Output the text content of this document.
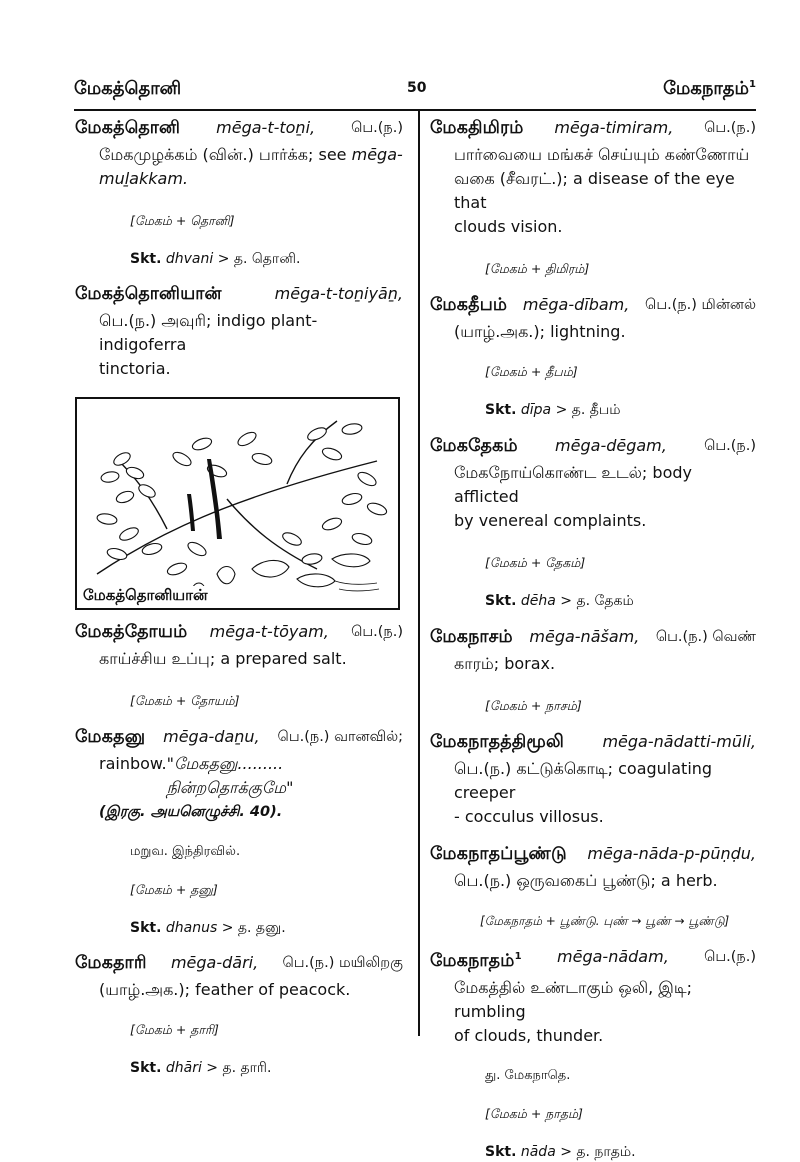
மேகத்தொனி	50	மேகநாதம்$^1$

மேகத்தொனி mēga-t-toṉi, பெ.(ந.)

மேகமுழக்கம் (வின்.) பார்க்க; see mēga-

muḻakkam.

[மேகம் + தொனி]

Skt. dhvani > த. தொனி.

மேகத்தொனியான்	mēga-t-toṉiyāṉ,

பெ.(ந.) அவுரி; indigo plant-indigoferra

tinctoria.

மேகத்தொனியான்

மேகத்தோயம் mēga-t-tōyam, பெ.(ந.)

காய்ச்சிய உப்பு; a prepared salt.

[மேகம் + தோயம்]

மேகதனு mēga-daṉu, பெ.(ந.) வானவில்;

rainbow. "மேகதனு......... நின்றதொக்குமே"

(இரகு. அயனெழுச்சி. 40).

மறுவ. இந்திரவில்.

[மேகம் + தனு]

Skt. dhanus > த. தனு.

மேகதாரி mēga-dāri, பெ.(ந.) மயிலிறகு

(யாழ்.அக.); feather of peacock.

[மேகம் + தாரி]

Skt. dhāri > த. தாரி.

மேகதிமிரம் mēga-timiram, பெ.(ந.)

பார்வையை மங்கச் செய்யும் கண்ணோய்

வகை (சீவரட்.); a disease of the eye that

clouds vision.

[மேகம் + திமிரம்]

மேகதீபம் mēga-dībam, பெ.(ந.) மின்னல்

(யாழ்.அக.); lightning.

[மேகம் + தீபம்]

Skt. dīpa > த. தீபம்

மேகதேகம் mēga-dēgam,	பெ.(ந.)

மேகநோய்கொண்ட உடல்; body afflicted

by venereal complaints.

[மேகம் + தேகம்]

Skt. dēha > த. தேகம்

மேகநாசம் mēga-nāšam, பெ.(ந.) வெண்

காரம்; borax.

[மேகம் + நாசம்]

மேகநாதத்திமூலி mēga-nādatti-mūli,

பெ.(ந.) கட்டுக்கொடி; coagulating creeper

- cocculus villosus.

மேகநாதப்பூண்டு mēga-nāda-p-pūṇḍu,

பெ.(ந.) ஒருவகைப் பூண்டு; a herb.

[மேகநாதம் + பூண்டு. புண் → பூண் → பூண்டு]

மேகநாதம்$^1$ mēga-nādam, பெ.(ந.)

மேகத்தில் உண்டாகும் ஒலி, இடி; rumbling

of clouds, thunder.

து. மேகநாதெ.

[மேகம் + நாதம்]

Skt. nāda > த. நாதம்.
